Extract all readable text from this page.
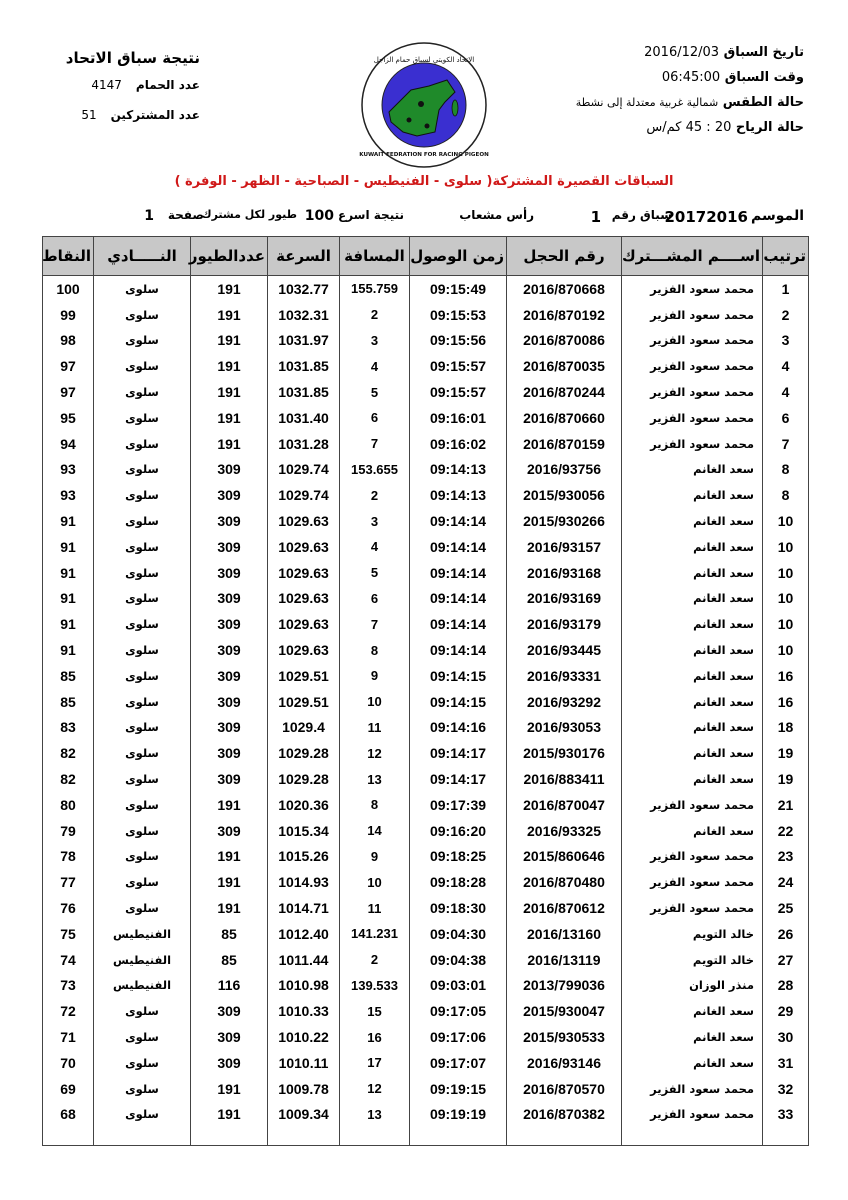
تاريخ السباق 2016/12/03
وقت السباق 06:45:00
حالة الطقس شمالية غربية معتدلة إلى نشطة
حالة الرياح 20 : 45 كم/س
الاتحاد الكويتي لسباق حمام الزاجل
KUWAIT FEDRATION FOR RACING PIGEON
نتيجة سباق الاتحاد
عدد الحمام4147
عدد المشتركين51
السباقات القصيرة المشتركة( سلوى - الفنيطيس - الصباحية - الظهر - الوفرة )
الموسم
20172016
سباق رقم
1
رأس مشعاب
نتيجة اسرع
100
طيور لكل مشترك
صفحة
1
ترتيب	اســــم المشـــترك	رقم الحجل	زمن الوصول	المسافة	السرعة	عددالطيور	النـــــادي	النقاط
1	محمد سعود الفزير	2016/870668	09:15:49	155.759	1032.77	191	سلوى	100
2	محمد سعود الفزير	2016/870192	09:15:53	2	1032.31	191	سلوى	99
3	محمد سعود الفزير	2016/870086	09:15:56	3	1031.97	191	سلوى	98
4	محمد سعود الفزير	2016/870035	09:15:57	4	1031.85	191	سلوى	97
4	محمد سعود الفزير	2016/870244	09:15:57	5	1031.85	191	سلوى	97
6	محمد سعود الفزير	2016/870660	09:16:01	6	1031.40	191	سلوى	95
7	محمد سعود الفزير	2016/870159	09:16:02	7	1031.28	191	سلوى	94
8	سعد الغانم	2016/93756	09:14:13	153.655	1029.74	309	سلوى	93
8	سعد الغانم	2015/930056	09:14:13	2	1029.74	309	سلوى	93
10	سعد الغانم	2015/930266	09:14:14	3	1029.63	309	سلوى	91
10	سعد الغانم	2016/93157	09:14:14	4	1029.63	309	سلوى	91
10	سعد الغانم	2016/93168	09:14:14	5	1029.63	309	سلوى	91
10	سعد الغانم	2016/93169	09:14:14	6	1029.63	309	سلوى	91
10	سعد الغانم	2016/93179	09:14:14	7	1029.63	309	سلوى	91
10	سعد الغانم	2016/93445	09:14:14	8	1029.63	309	سلوى	91
16	سعد الغانم	2016/93331	09:14:15	9	1029.51	309	سلوى	85
16	سعد الغانم	2016/93292	09:14:15	10	1029.51	309	سلوى	85
18	سعد الغانم	2016/93053	09:14:16	11	1029.4	309	سلوى	83
19	سعد الغانم	2015/930176	09:14:17	12	1029.28	309	سلوى	82
19	سعد الغانم	2016/883411	09:14:17	13	1029.28	309	سلوى	82
21	محمد سعود الفزير	2016/870047	09:17:39	8	1020.36	191	سلوى	80
22	سعد الغانم	2016/93325	09:16:20	14	1015.34	309	سلوى	79
23	محمد سعود الفزير	2015/860646	09:18:25	9	1015.26	191	سلوى	78
24	محمد سعود الفزير	2016/870480	09:18:28	10	1014.93	191	سلوى	77
25	محمد سعود الفزير	2016/870612	09:18:30	11	1014.71	191	سلوى	76
26	خالد التويم	2016/13160	09:04:30	141.231	1012.40	85	الفنيطيس	75
27	خالد التويم	2016/13119	09:04:38	2	1011.44	85	الفنيطيس	74
28	منذر الوزان	2013/799036	09:03:01	139.533	1010.98	116	الفنيطيس	73
29	سعد الغانم	2015/930047	09:17:05	15	1010.33	309	سلوى	72
30	سعد الغانم	2015/930533	09:17:06	16	1010.22	309	سلوى	71
31	سعد الغانم	2016/93146	09:17:07	17	1010.11	309	سلوى	70
32	محمد سعود الفزير	2016/870570	09:19:15	12	1009.78	191	سلوى	69
33	محمد سعود الفزير	2016/870382	09:19:19	13	1009.34	191	سلوى	68
